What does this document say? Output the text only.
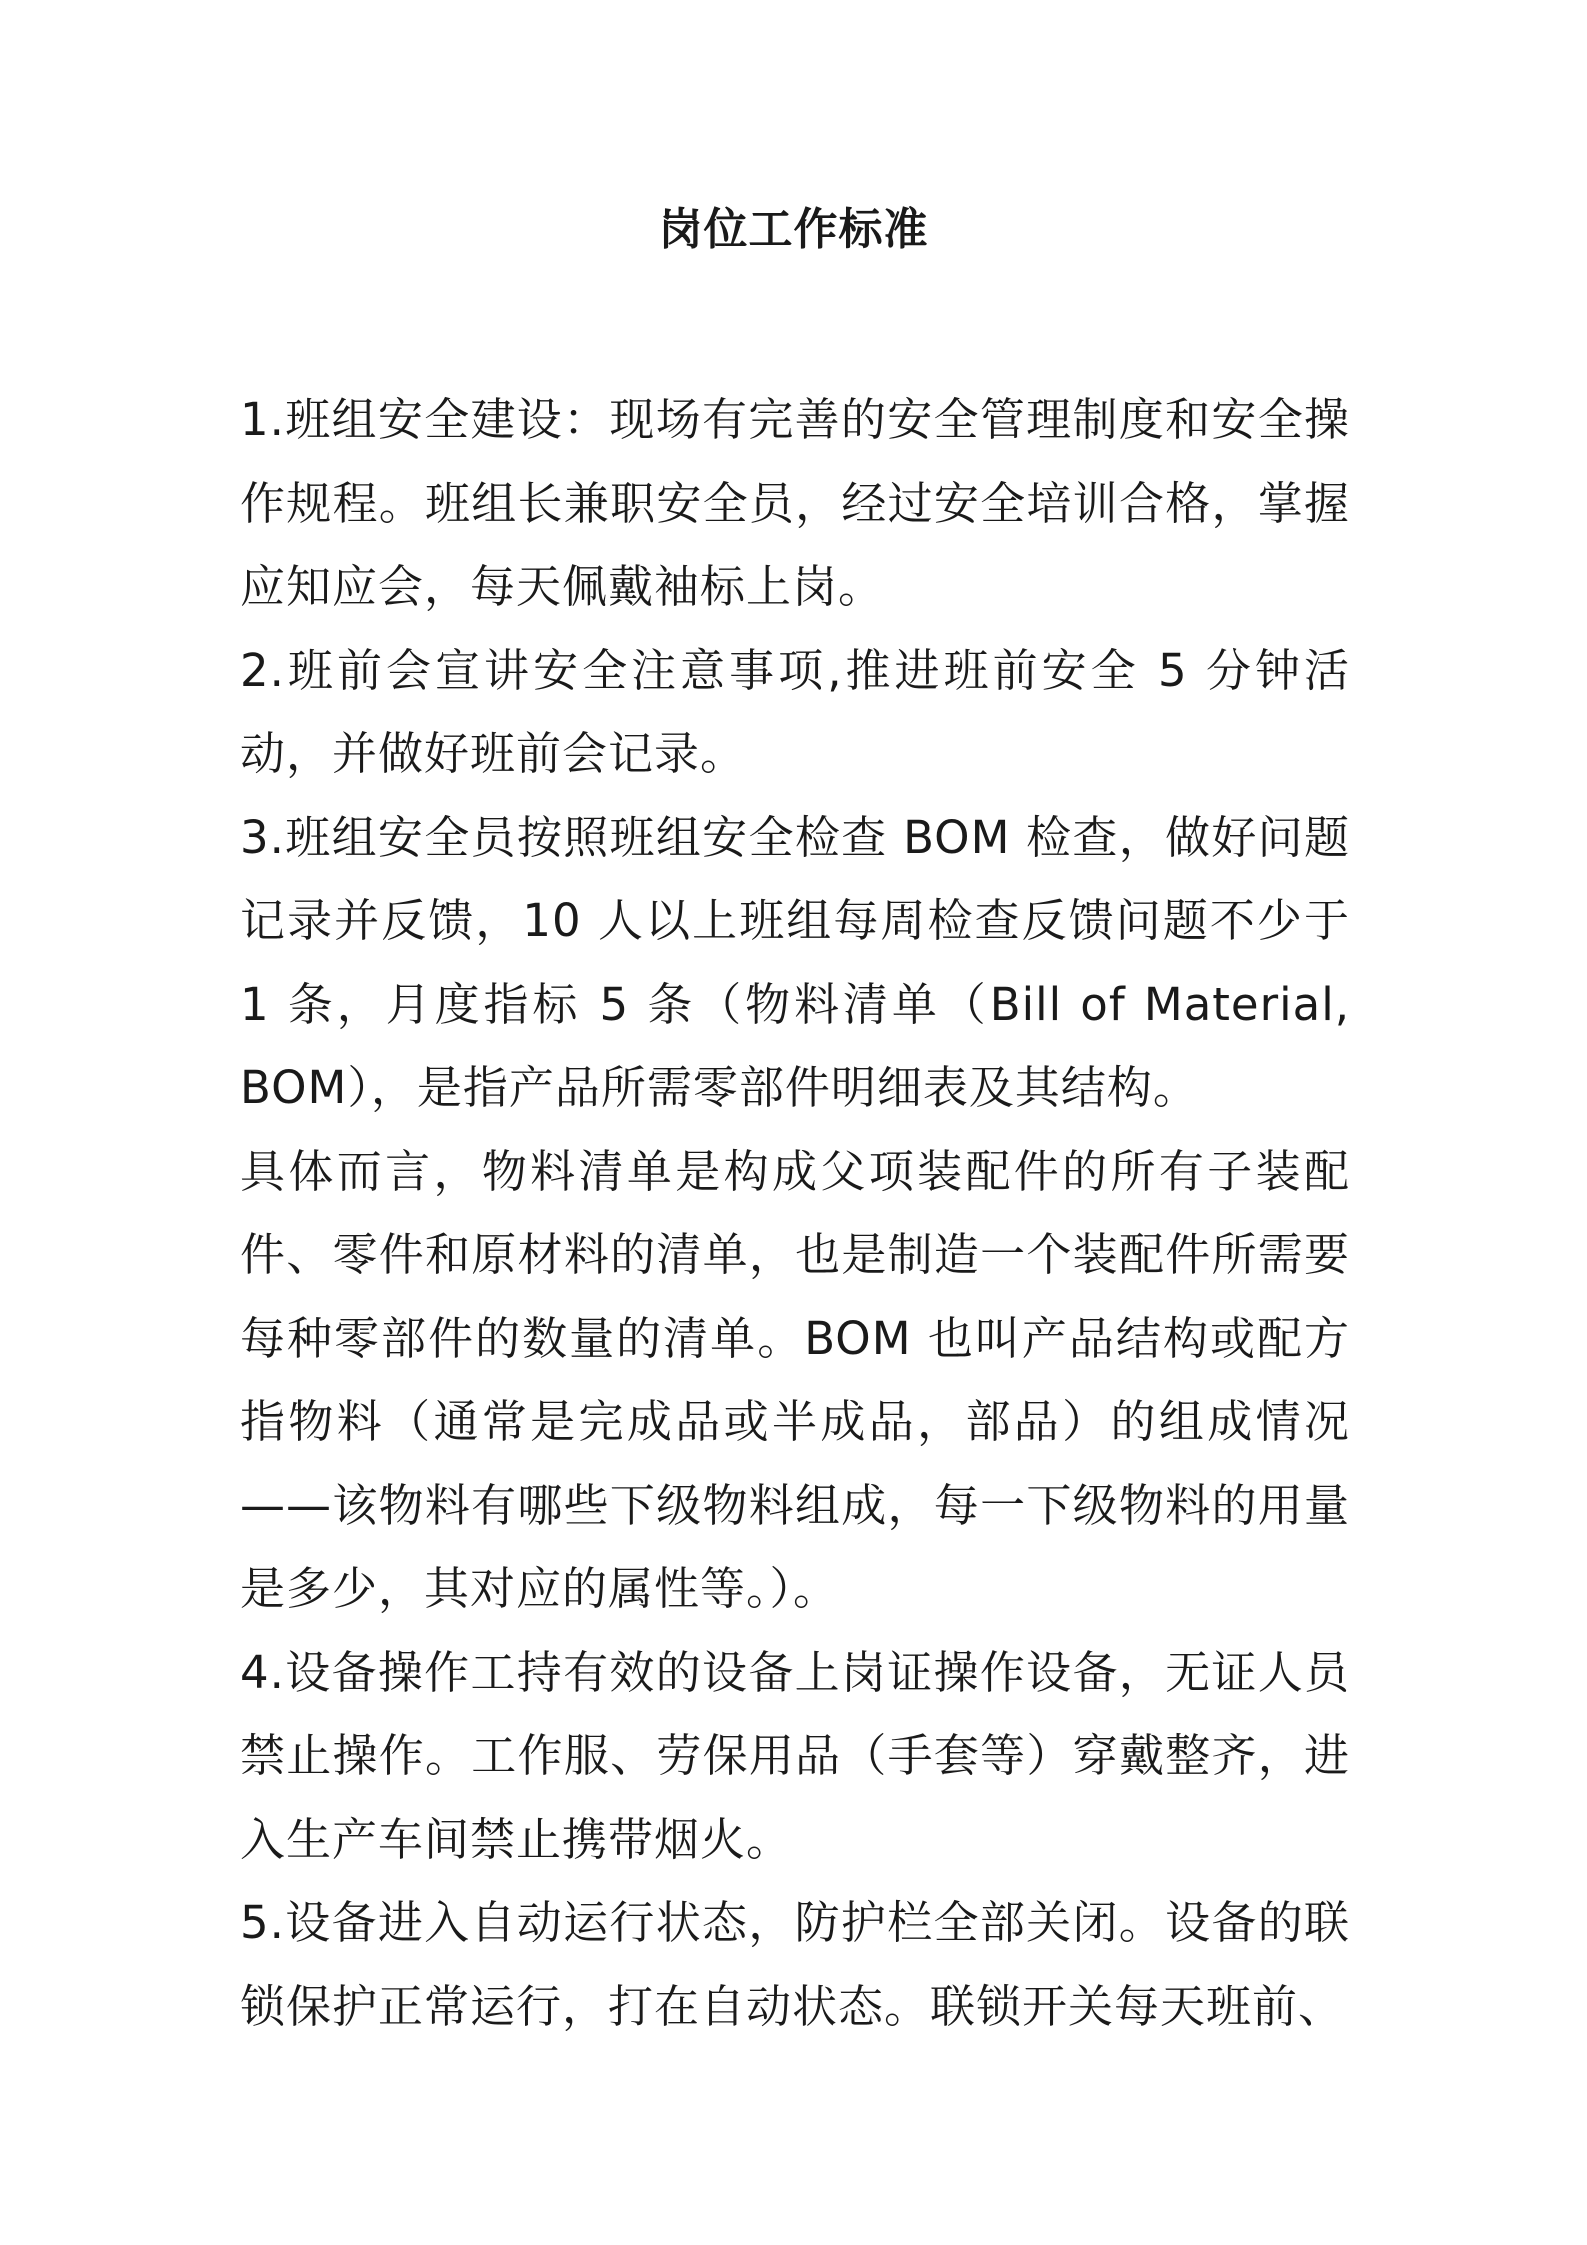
岗位工作标准

1.班组安全建设：现场有完善的安全管理制度和安全操作规程。班组长兼职安全员，经过安全培训合格，掌握应知应会，每天佩戴袖标上岗。

2.班前会宣讲安全注意事项,推进班前安全 5 分钟活动，并做好班前会记录。

3.班组安全员按照班组安全检查 BOM 检查，做好问题记录并反馈，10 人以上班组每周检查反馈问题不少于 1 条，月度指标 5 条（物料清单（Bill of Material, BOM），是指产品所需零部件明细表及其结构。

具体而言，物料清单是构成父项装配件的所有子装配件、零件和原材料的清单，也是制造一个装配件所需要每种零部件的数量的清单。BOM 也叫产品结构或配方指物料（通常是完成品或半成品，部品）的组成情况——该物料有哪些下级物料组成，每一下级物料的用量是多少，其对应的属性等。）。

4.设备操作工持有效的设备上岗证操作设备，无证人员禁止操作。工作服、劳保用品（手套等）穿戴整齐，进入生产车间禁止携带烟火。

5.设备进入自动运行状态，防护栏全部关闭。设备的联锁保护正常运行，打在自动状态。联锁开关每天班前、
